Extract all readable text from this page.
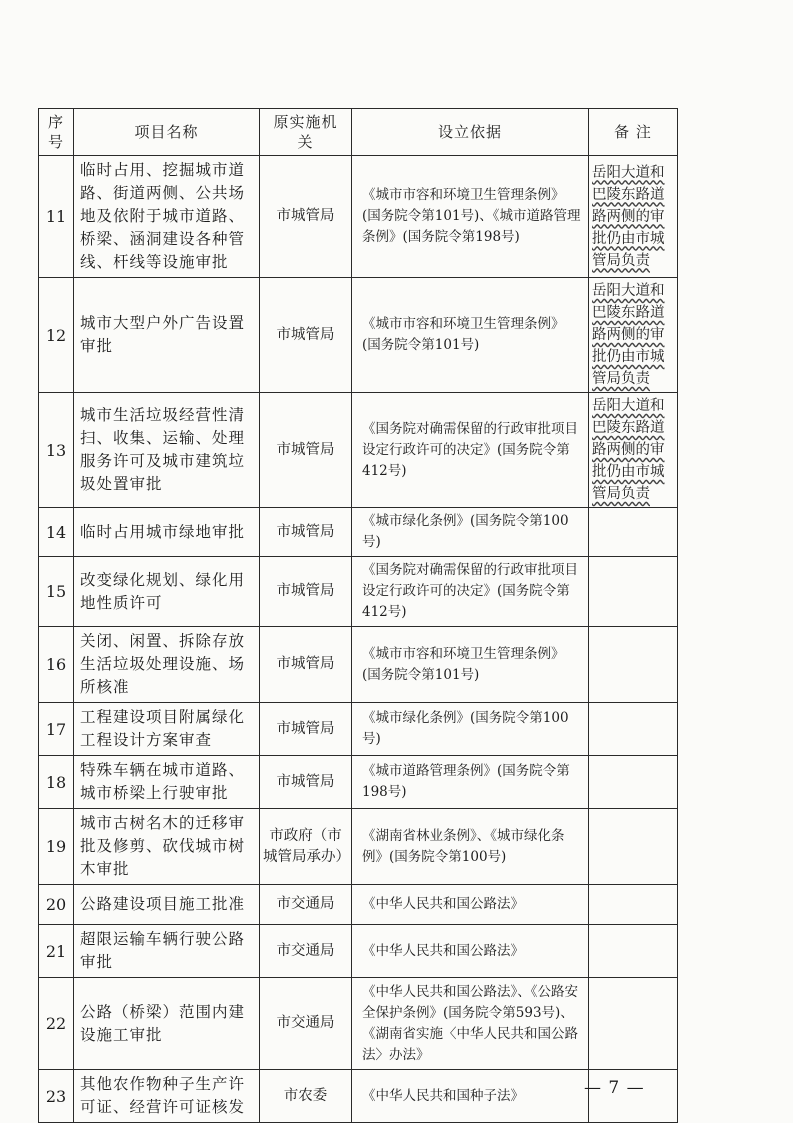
序号	项目名称	原实施机关	设立依据	备 注
11	临时占用、挖掘城市道路、街道两侧、公共场地及依附于城市道路、桥梁、涵洞建设各种管线、杆线等设施审批	市城管局	《城市市容和环境卫生管理条例》(国务院令第101号)、《城市道路管理条例》(国务院令第198号)	岳阳大道和巴陵东路道路两侧的审批仍由市城管局负责
12	城市大型户外广告设置审批	市城管局	《城市市容和环境卫生管理条例》(国务院令第101号)	岳阳大道和巴陵东路道路两侧的审批仍由市城管局负责
13	城市生活垃圾经营性清扫、收集、运输、处理服务许可及城市建筑垃圾处置审批	市城管局	《国务院对确需保留的行政审批项目设定行政许可的决定》(国务院令第412号)	岳阳大道和巴陵东路道路两侧的审批仍由市城管局负责
14	临时占用城市绿地审批	市城管局	《城市绿化条例》(国务院令第100号)	
15	改变绿化规划、绿化用地性质许可	市城管局	《国务院对确需保留的行政审批项目设定行政许可的决定》(国务院令第412号)	
16	关闭、闲置、拆除存放生活垃圾处理设施、场所核准	市城管局	《城市市容和环境卫生管理条例》(国务院令第101号)	
17	工程建设项目附属绿化工程设计方案审查	市城管局	《城市绿化条例》(国务院令第100号)	
18	特殊车辆在城市道路、城市桥梁上行驶审批	市城管局	《城市道路管理条例》(国务院令第198号)	
19	城市古树名木的迁移审批及修剪、砍伐城市树木审批	市政府（市城管局承办）	《湖南省林业条例》、《城市绿化条例》(国务院令第100号)	
20	公路建设项目施工批准	市交通局	《中华人民共和国公路法》	
21	超限运输车辆行驶公路审批	市交通局	《中华人民共和国公路法》	
22	公路（桥梁）范围内建设施工审批	市交通局	《中华人民共和国公路法》、《公路安全保护条例》(国务院令第593号)、《湖南省实施〈中华人民共和国公路法〉办法》	
23	其他农作物种子生产许可证、经营许可证核发	市农委	《中华人民共和国种子法》		— 7 —
